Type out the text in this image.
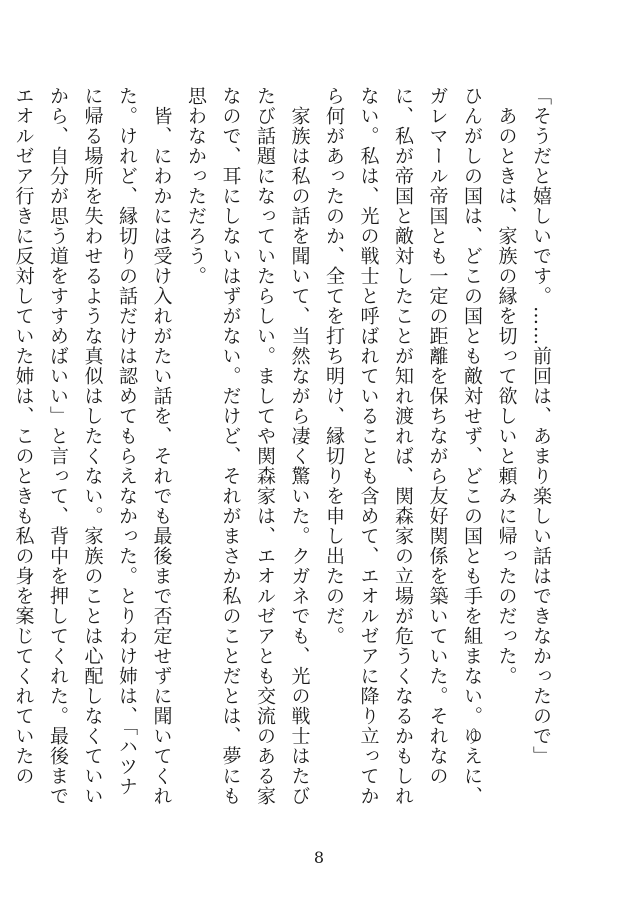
「そうだと嬉しいです。……前回は、あまり楽しい話はできなかったので」

　あのときは、家族の縁を切って欲しいと頼みに帰ったのだった。

ひんがしの国は、どこの国とも敵対せず、どこの国とも手を組まない。ゆえに、ガレマール帝国とも一定の距離を保ちながら友好関係を築いていた。それなのに、私が帝国と敵対したことが知れ渡れば、関森家の立場が危うくなるかもしれない。私は、光の戦士と呼ばれていることも含めて、エオルゼアに降り立ってから何があったのか、全てを打ち明け、縁切りを申し出たのだ。

　家族は私の話を聞いて、当然ながら凄く驚いた。クガネでも、光の戦士はたびたび話題になっていたらしい。ましてや関森家は、エオルゼアとも交流のある家なので、耳にしないはずがない。だけど、それがまさか私のことだとは、夢にも思わなかっただろう。

　皆、にわかには受け入れがたい話を、それでも最後まで否定せずに聞いてくれた。けれど、縁切りの話だけは認めてもらえなかった。とりわけ姉は、「ハツナに帰る場所を失わせるような真似はしたくない。家族のことは心配しなくていいから、自分が思う道をすすめばいい」と言って、背中を押してくれた。最後までエオルゼア行きに反対していた姉は、このときも私の身を案じてくれていたの

8
